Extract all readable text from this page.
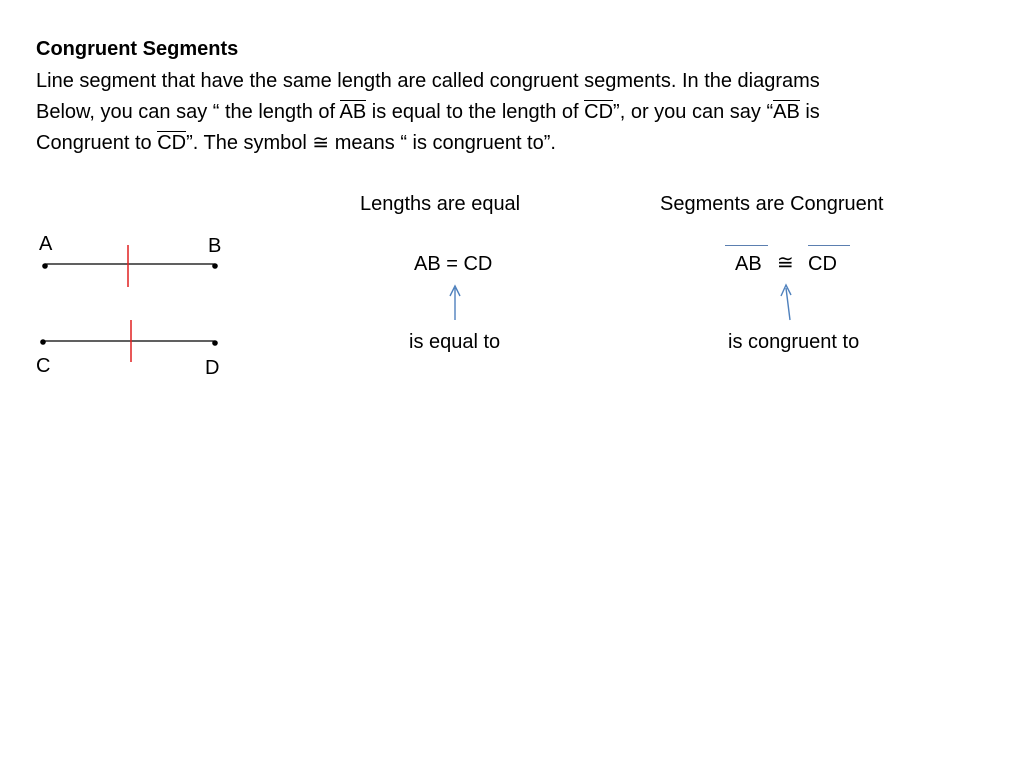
Congruent Segments
Line segment that have the same length are called congruent segments. In the diagrams
Below, you can say “ the length of AB is equal to the length of CD”, or you can say “AB is
Congruent to CD”. The symbol ≅ means “ is congruent to”.
A	B
C	D
Lengths are equal
AB = CD
is equal to
Segments are Congruent
AB ≅ CD
is congruent to
